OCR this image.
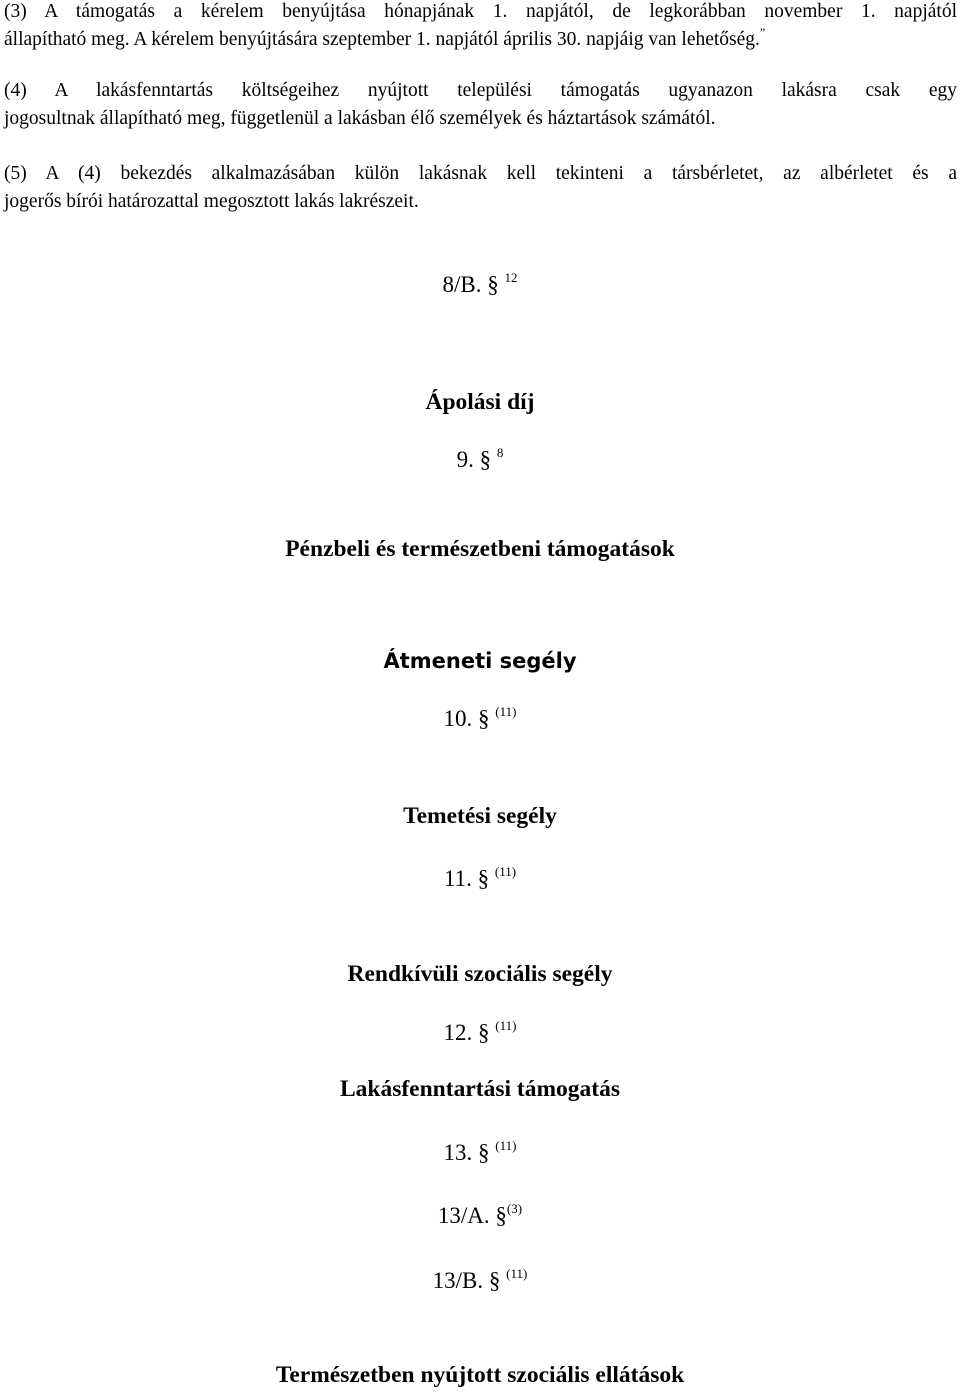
(3) A támogatás a kérelem benyújtása hónapjának 1. napjától, de legkorábban november 1. napjától
állapítható meg. A kérelem benyújtására szeptember 1. napjától április 30. napjáig van lehetőség.”
(4) A lakásfenntartás költségeihez nyújtott települési támogatás ugyanazon lakásra csak egy
jogosultnak állapítható meg, függetlenül a lakásban élő személyek és háztartások számától.
(5) A (4) bekezdés alkalmazásában külön lakásnak kell tekinteni a társbérletet, az albérletet és a
jogerős bírói határozattal megosztott lakás lakrészeit.

8/B. § $^{12}$

Ápolási díj

9. § $^8$

Pénzbeli és természetbeni támogatások

Átmeneti segély

10. § $^{(11)}$

Temetési segély

11. § $^{(11)}$

Rendkívüli szociális segély

12. § $^{(11)}$

Lakásfenntartási támogatás

13. § $^{(11)}$

13/A. §$^{(3)}$

13/B. § $^{(11)}$

Természetben nyújtott szociális ellátások
